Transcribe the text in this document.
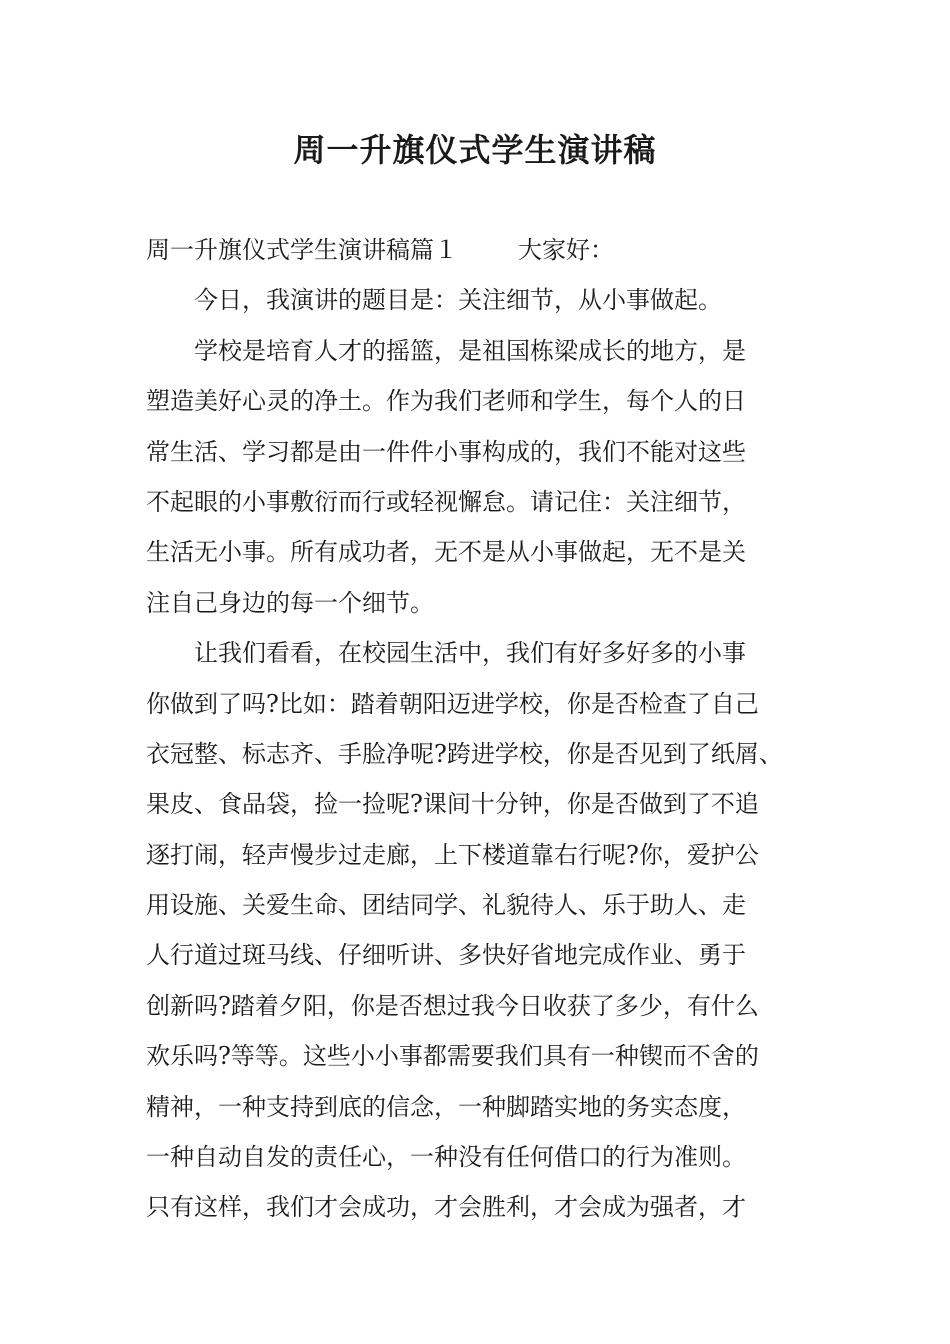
周一升旗仪式学生演讲稿
周一升旗仪式学生演讲稿篇１	大家好：
今日，我演讲的题目是：关注细节，从小事做起。
学校是培育人才的摇篮，是祖国栋梁成长的地方，是
塑造美好心灵的净土。作为我们老师和学生，每个人的日
常生活、学习都是由一件件小事构成的，我们不能对这些
不起眼的小事敷衍而行或轻视懈怠。请记住：关注细节，
生活无小事。所有成功者，无不是从小事做起，无不是关
注自己身边的每一个细节。
让我们看看，在校园生活中，我们有好多好多的小事
你做到了吗?比如：踏着朝阳迈进学校，你是否检查了自己
衣冠整、标志齐、手脸净呢?跨进学校，你是否见到了纸屑、
果皮、食品袋，捡一捡呢?课间十分钟，你是否做到了不追
逐打闹，轻声慢步过走廊，上下楼道靠右行呢?你，爱护公
用设施、关爱生命、团结同学、礼貌待人、乐于助人、走
人行道过斑马线、仔细听讲、多快好省地完成作业、勇于
创新吗?踏着夕阳，你是否想过我今日收获了多少，有什么
欢乐吗?等等。这些小小事都需要我们具有一种锲而不舍的
精神，一种支持到底的信念，一种脚踏实地的务实态度，
一种自动自发的责任心，一种没有任何借口的行为准则。
只有这样，我们才会成功，才会胜利，才会成为强者，才
